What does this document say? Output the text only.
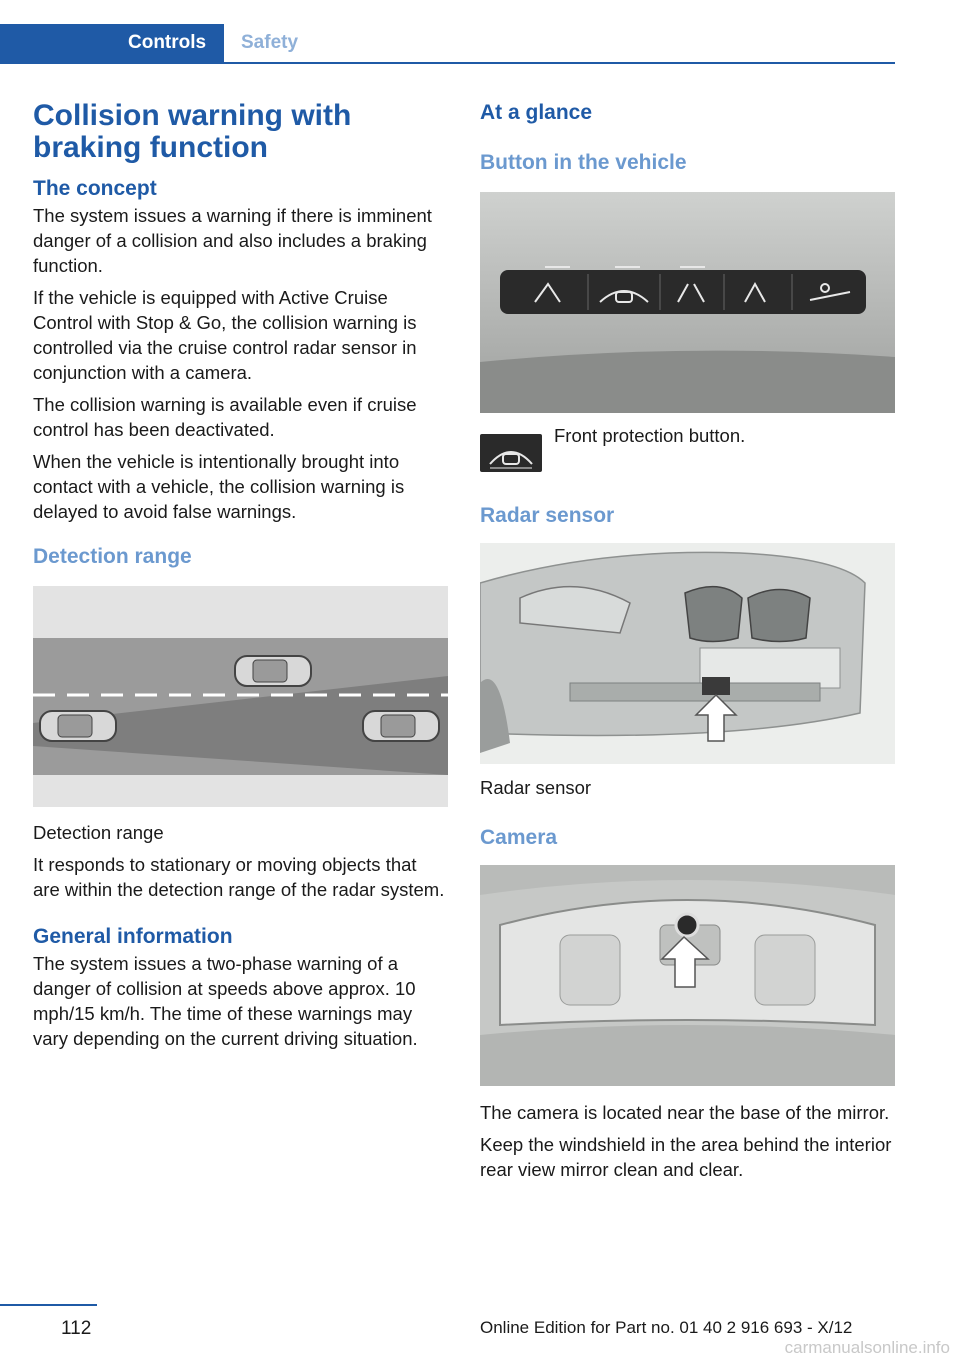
Controls	Safety
Collision warning with braking function
The concept

The system issues a warning if there is imminent danger of a collision and also includes a braking function.

If the vehicle is equipped with Active Cruise Control with Stop & Go, the collision warning is controlled via the cruise control radar sensor in conjunction with a camera.

The collision warning is available even if cruise control has been deactivated.

When the vehicle is intentionally brought into contact with a vehicle, the collision warning is delayed to avoid false warnings.

Detection range

Detection range

It responds to stationary or moving objects that are within the detection range of the radar system.

General information

The system issues a two-phase warning of a danger of collision at speeds above approx. 10 mph/15 km/h. The time of these warnings may vary depending on the current driving situation.

At a glance
Button in the vehicle

Front protection button.

Radar sensor

Radar sensor

Camera

The camera is located near the base of the mirror.

Keep the windshield in the area behind the interior rear view mirror clean and clear.

112	Online Edition for Part no. 01 40 2 916 693 - X/12
carmanualsonline.info
